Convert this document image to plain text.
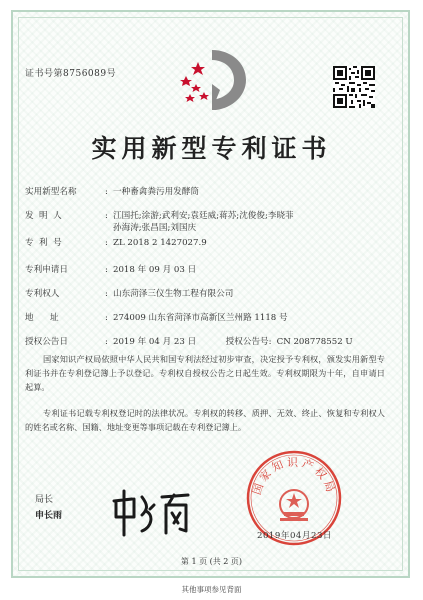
证书号第8756089号
实用新型专利证书
实用新型名称	: 一种畜禽粪污用发酵筒
发  明  人	: 江国托;涂游;武利安;袁廷威;蒋苏;沈俊俊;李晓菲
孙海涛;张昌国;刘国庆
专  利  号	: ZL 2018 2 1427027.9
专利申请日	: 2018 年 09 月 03 日
专利权人	: 山东菏泽三仪生物工程有限公司
地      址	: 274009 山东省菏泽市高新区兰州路 1118 号
授权公告日	: 2019 年 04 月 23 日	授权公告号: CN 208778552 U
国家知识产权局依照中华人民共和国专利法经过初步审查，决定授予专利权，颁发实用新型专利证书并在专利登记簿上予以登记。专利权自授权公告之日起生效。专利权期限为十年，自申请日起算。
专利证书记载专利权登记时的法律状况。专利权的转移、质押、无效、终止、恢复和专利权人的姓名或名称、国籍、地址变更等事项记载在专利登记簿上。
局长
申长雨
国家知识产权局
2019年04月23日
第 1 页 (共 2 页)
其他事项参见背面
